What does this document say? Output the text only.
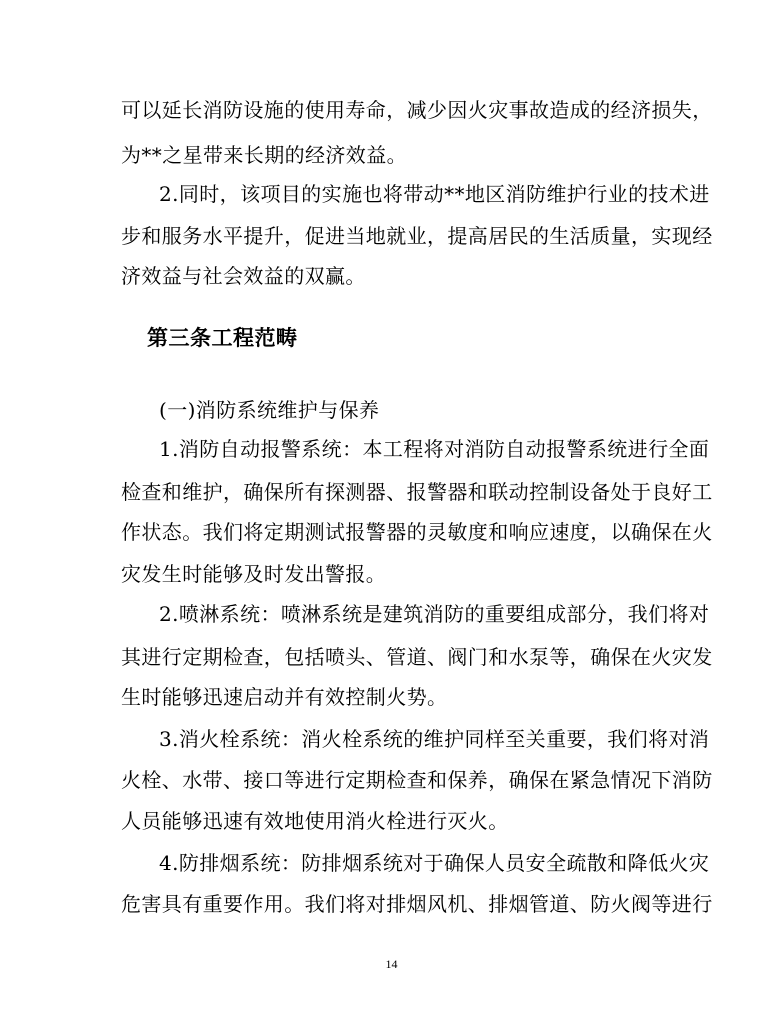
可以延长消防设施的使用寿命，减少因火灾事故造成的经济损失，
为**之星带来长期的经济效益。
2.同时，该项目的实施也将带动**地区消防维护行业的技术进
步和服务水平提升，促进当地就业，提高居民的生活质量，实现经
济效益与社会效益的双赢。
第三条工程范畴
(一)消防系统维护与保养
1.消防自动报警系统：本工程将对消防自动报警系统进行全面
检查和维护，确保所有探测器、报警器和联动控制设备处于良好工
作状态。我们将定期测试报警器的灵敏度和响应速度，以确保在火
灾发生时能够及时发出警报。
2.喷淋系统：喷淋系统是建筑消防的重要组成部分，我们将对
其进行定期检查，包括喷头、管道、阀门和水泵等，确保在火灾发
生时能够迅速启动并有效控制火势。
3.消火栓系统：消火栓系统的维护同样至关重要，我们将对消
火栓、水带、接口等进行定期检查和保养，确保在紧急情况下消防
人员能够迅速有效地使用消火栓进行灭火。
4.防排烟系统：防排烟系统对于确保人员安全疏散和降低火灾
危害具有重要作用。我们将对排烟风机、排烟管道、防火阀等进行
14
